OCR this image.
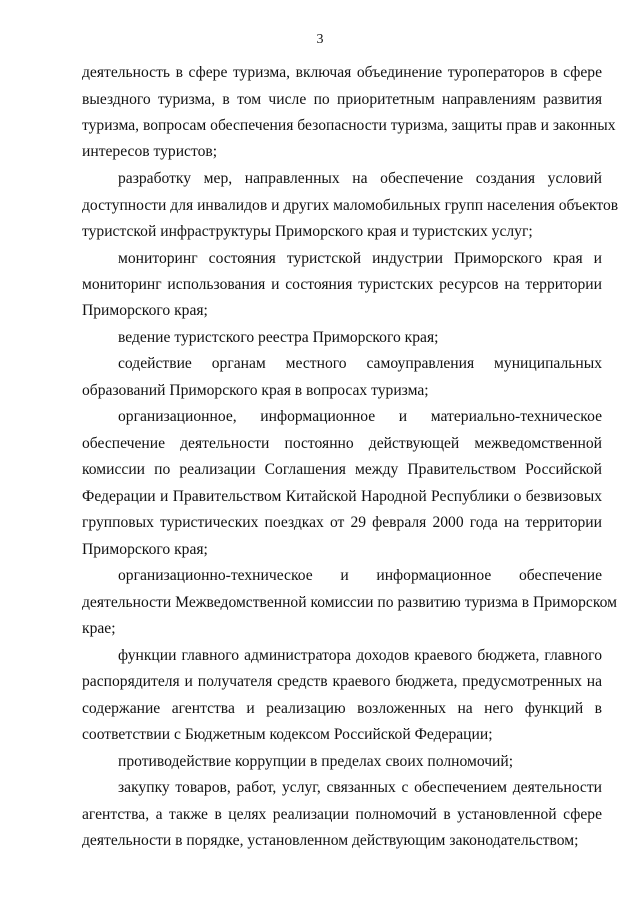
3
деятельность в сфере туризма, включая объединение туроператоров в сфере
выездного туризма, в том числе по приоритетным направлениям развития
туризма, вопросам обеспечения безопасности туризма, защиты прав и законных
интересов туристов;
разработку мер, направленных на обеспечение создания условий
доступности для инвалидов и других маломобильных групп населения объектов
туристской инфраструктуры Приморского края и туристских услуг;
мониторинг состояния туристской индустрии Приморского края и
мониторинг использования и состояния туристских ресурсов на территории
Приморского края;
ведение туристского реестра Приморского края;
содействие органам местного самоуправления муниципальных
образований Приморского края в вопросах туризма;
организационное, информационное и материально-техническое
обеспечение деятельности постоянно действующей межведомственной
комиссии по реализации Соглашения между Правительством Российской
Федерации и Правительством Китайской Народной Республики о безвизовых
групповых туристических поездках от 29 февраля 2000 года на территории
Приморского края;
организационно-техническое и информационное обеспечение
деятельности Межведомственной комиссии по развитию туризма в Приморском
крае;
функции главного администратора доходов краевого бюджета, главного
распорядителя и получателя средств краевого бюджета, предусмотренных на
содержание агентства и реализацию возложенных на него функций в
соответствии с Бюджетным кодексом Российской Федерации;
противодействие коррупции в пределах своих полномочий;
закупку товаров, работ, услуг, связанных с обеспечением деятельности
агентства, а также в целях реализации полномочий в установленной сфере
деятельности в порядке, установленном действующим законодательством;
